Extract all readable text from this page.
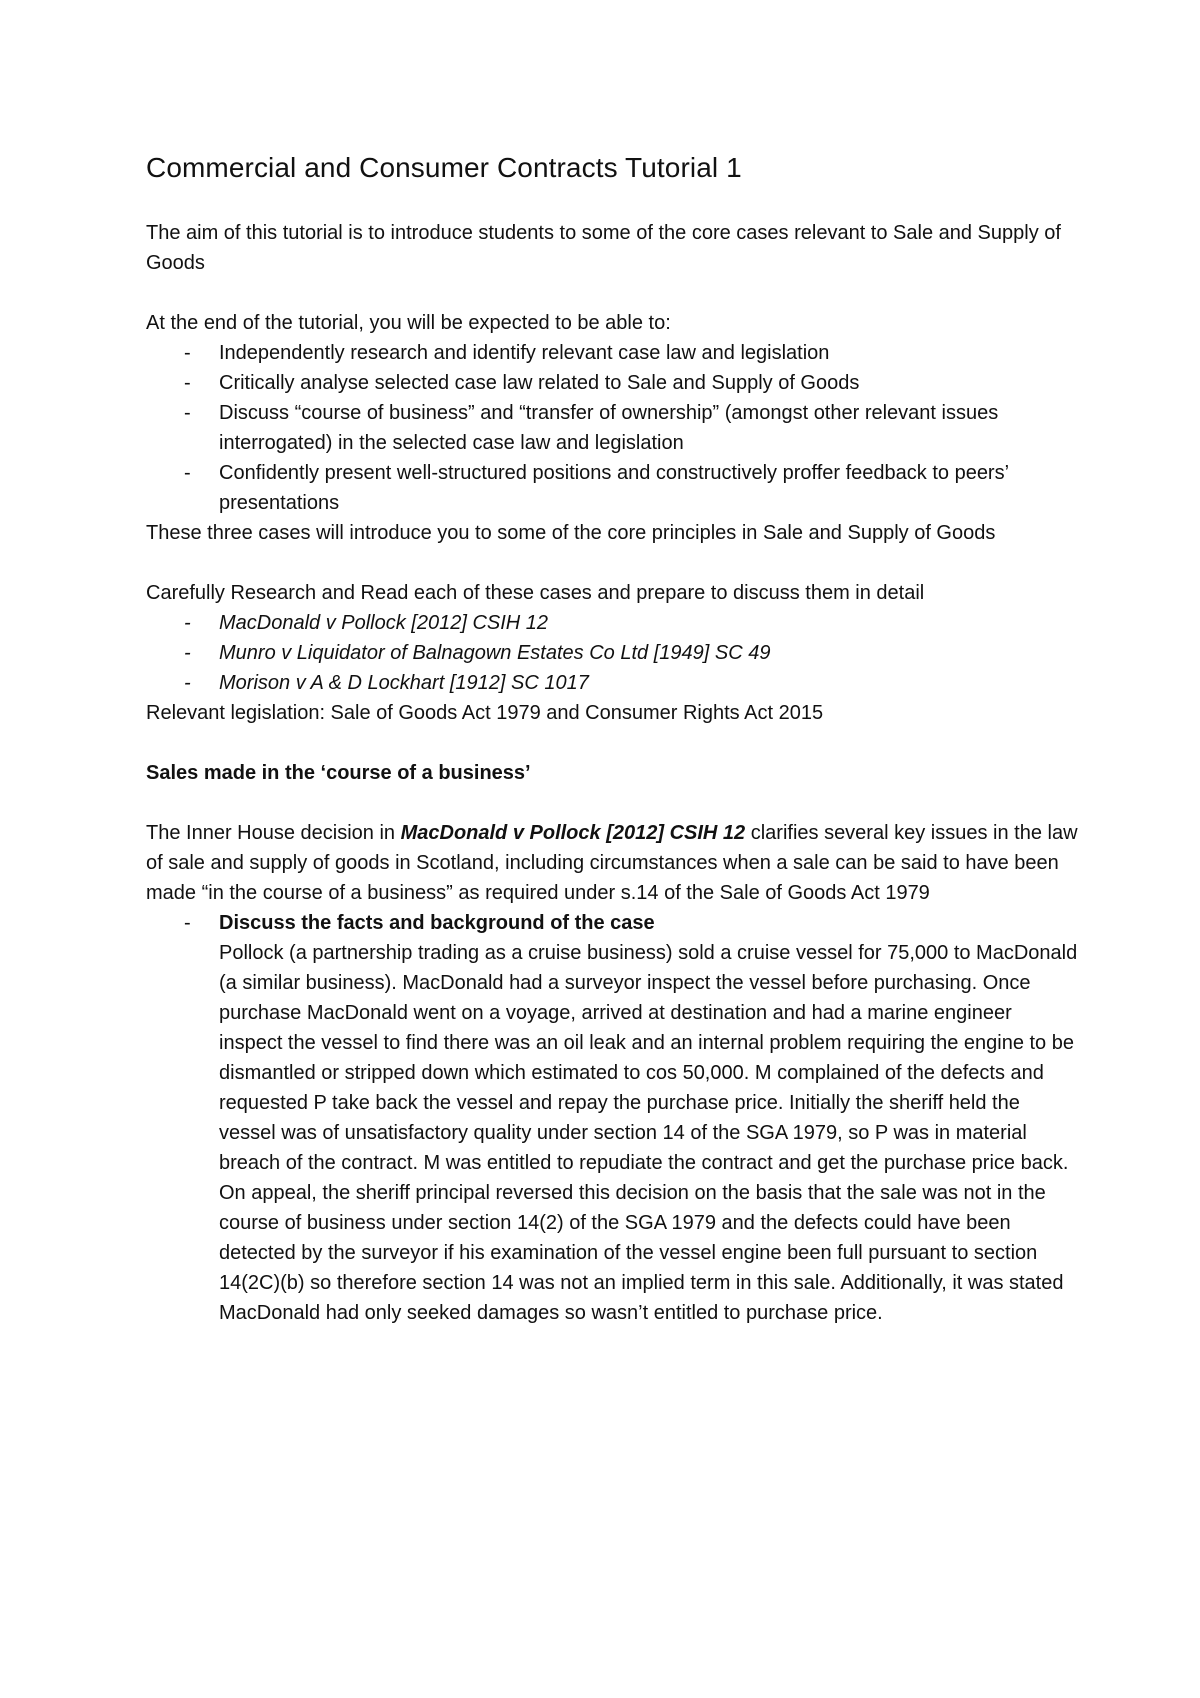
Commercial and Consumer Contracts Tutorial 1

The aim of this tutorial is to introduce students to some of the core cases relevant to Sale and Supply of Goods

At the end of the tutorial, you will be expected to be able to:

- Independently research and identify relevant case law and legislation
- Critically analyse selected case law related to Sale and Supply of Goods
- Discuss “course of business” and “transfer of ownership” (amongst other relevant issues interrogated) in the selected case law and legislation
- Confidently present well-structured positions and constructively proffer feedback to peers’ presentations

These three cases will introduce you to some of the core principles in Sale and Supply of Goods

Carefully Research and Read each of these cases and prepare to discuss them in detail

- MacDonald v Pollock [2012] CSIH 12
- Munro v Liquidator of Balnagown Estates Co Ltd [1949] SC 49
- Morison v A & D Lockhart [1912] SC 1017

Relevant legislation: Sale of Goods Act 1979 and Consumer Rights Act 2015

Sales made in the ‘course of a business’

The Inner House decision in MacDonald v Pollock [2012] CSIH 12 clarifies several key issues in the law of sale and supply of goods in Scotland, including circumstances when a sale can be said to have been made “in the course of a business” as required under s.14 of the Sale of Goods Act 1979

- Discuss the facts and background of the case
Pollock (a partnership trading as a cruise business) sold a cruise vessel for 75,000 to MacDonald (a similar business). MacDonald had a surveyor inspect the vessel before purchasing. Once purchase MacDonald went on a voyage, arrived at destination and had a marine engineer inspect the vessel to find there was an oil leak and an internal problem requiring the engine to be dismantled or stripped down which estimated to cos 50,000. M complained of the defects and requested P take back the vessel and repay the purchase price. Initially the sheriff held the vessel was of unsatisfactory quality under section 14 of the SGA 1979, so P was in material breach of the contract. M was entitled to repudiate the contract and get the purchase price back. On appeal, the sheriff principal reversed this decision on the basis that the sale was not in the course of business under section 14(2) of the SGA 1979 and the defects could have been detected by the surveyor if his examination of the vessel engine been full pursuant to section 14(2C)(b) so therefore section 14 was not an implied term in this sale. Additionally, it was stated MacDonald had only seeked damages so wasn’t entitled to purchase price.
